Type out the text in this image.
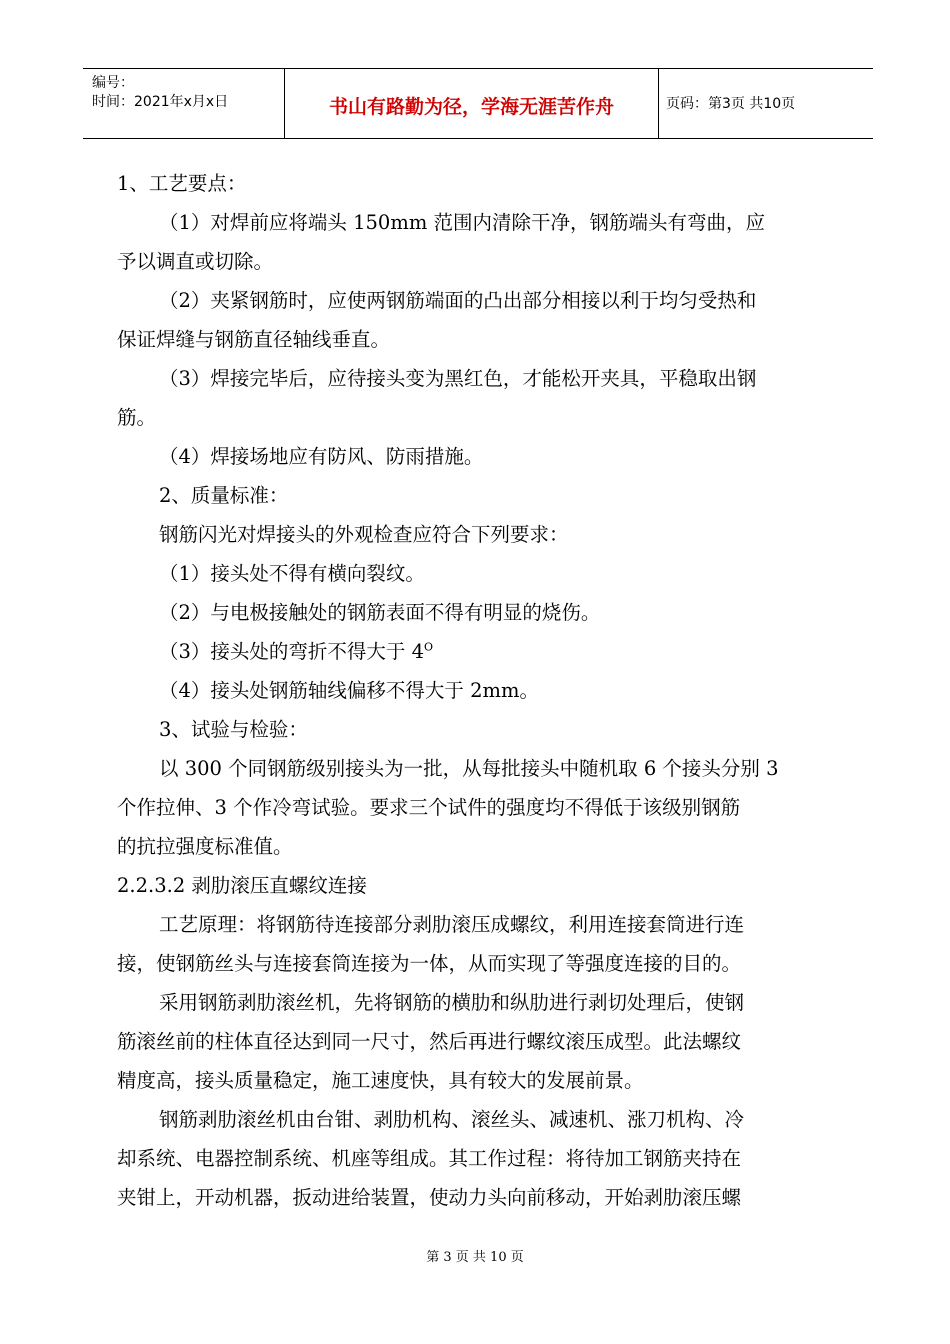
编号：
时间：2021年x月x日	书山有路勤为径，学海无涯苦作舟	页码：第3页 共10页
1、工艺要点：
（1）对焊前应将端头 150mm 范围内清除干净，钢筋端头有弯曲，应
予以调直或切除。
（2）夹紧钢筋时，应使两钢筋端面的凸出部分相接以利于均匀受热和
保证焊缝与钢筋直径轴线垂直。
（3）焊接完毕后，应待接头变为黑红色，才能松开夹具，平稳取出钢
筋。
（4）焊接场地应有防风、防雨措施。
2、质量标准：
钢筋闪光对焊接头的外观检查应符合下列要求：
（1）接头处不得有横向裂纹。
（2）与电极接触处的钢筋表面不得有明显的烧伤。
（3）接头处的弯折不得大于 $4^O$
（4）接头处钢筋轴线偏移不得大于 2mm。
3、试验与检验：
以 300 个同钢筋级别接头为一批，从每批接头中随机取 6 个接头分别 3
个作拉伸、3 个作冷弯试验。要求三个试件的强度均不得低于该级别钢筋
的抗拉强度标准值。
2.2.3.2 剥肋滚压直螺纹连接
工艺原理：将钢筋待连接部分剥肋滚压成螺纹，利用连接套筒进行连
接，使钢筋丝头与连接套筒连接为一体，从而实现了等强度连接的目的。
采用钢筋剥肋滚丝机，先将钢筋的横肋和纵肋进行剥切处理后，使钢
筋滚丝前的柱体直径达到同一尺寸，然后再进行螺纹滚压成型。此法螺纹
精度高，接头质量稳定，施工速度快，具有较大的发展前景。
钢筋剥肋滚丝机由台钳、剥肋机构、滚丝头、减速机、涨刀机构、冷
却系统、电器控制系统、机座等组成。其工作过程：将待加工钢筋夹持在
夹钳上，开动机器，扳动进给装置，使动力头向前移动，开始剥肋滚压螺
第 3 页 共 10 页
